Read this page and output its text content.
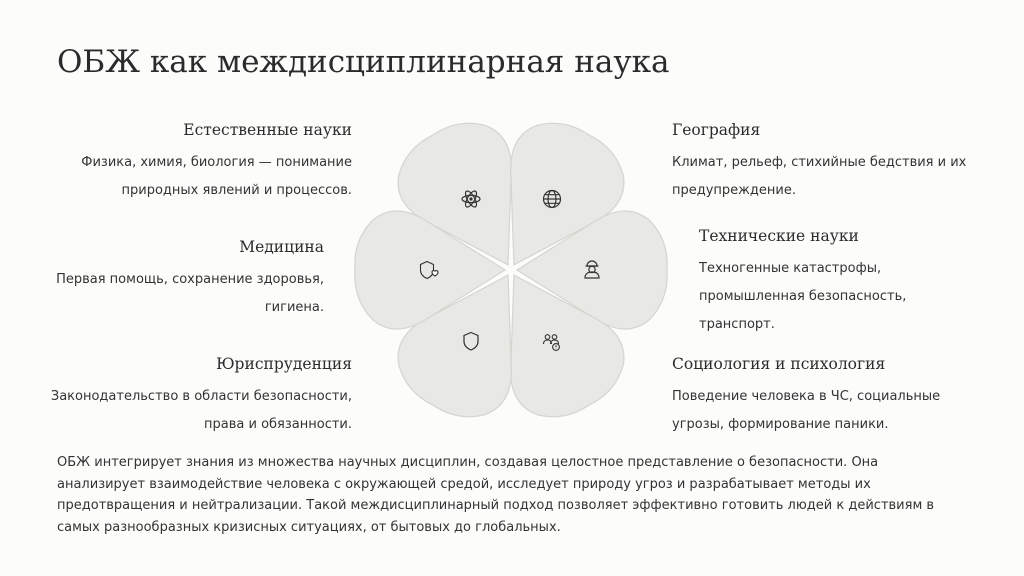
ОБЖ как междисциплинарная наука
Естественные науки

Физика, химия, биология — понимание природных явлений и процессов.

Медицина

Первая помощь, сохранение здоровья, гигиена.

Юриспруденция

Законодательство в области безопасности, права и обязанности.

География

Климат, рельеф, стихийные бедствия и их предупреждение.

Технические науки

Техногенные катастрофы, промышленная безопасность, транспорт.

Социология и психология

Поведение человека в ЧС, социальные угрозы, формирование паники.

ОБЖ интегрирует знания из множества научных дисциплин, создавая целостное представление о безопасности. Она анализирует взаимодействие человека с окружающей средой, исследует природу угроз и разрабатывает методы их предотвращения и нейтрализации. Такой междисциплинарный подход позволяет эффективно готовить людей к действиям в самых разнообразных кризисных ситуациях, от бытовых до глобальных.
